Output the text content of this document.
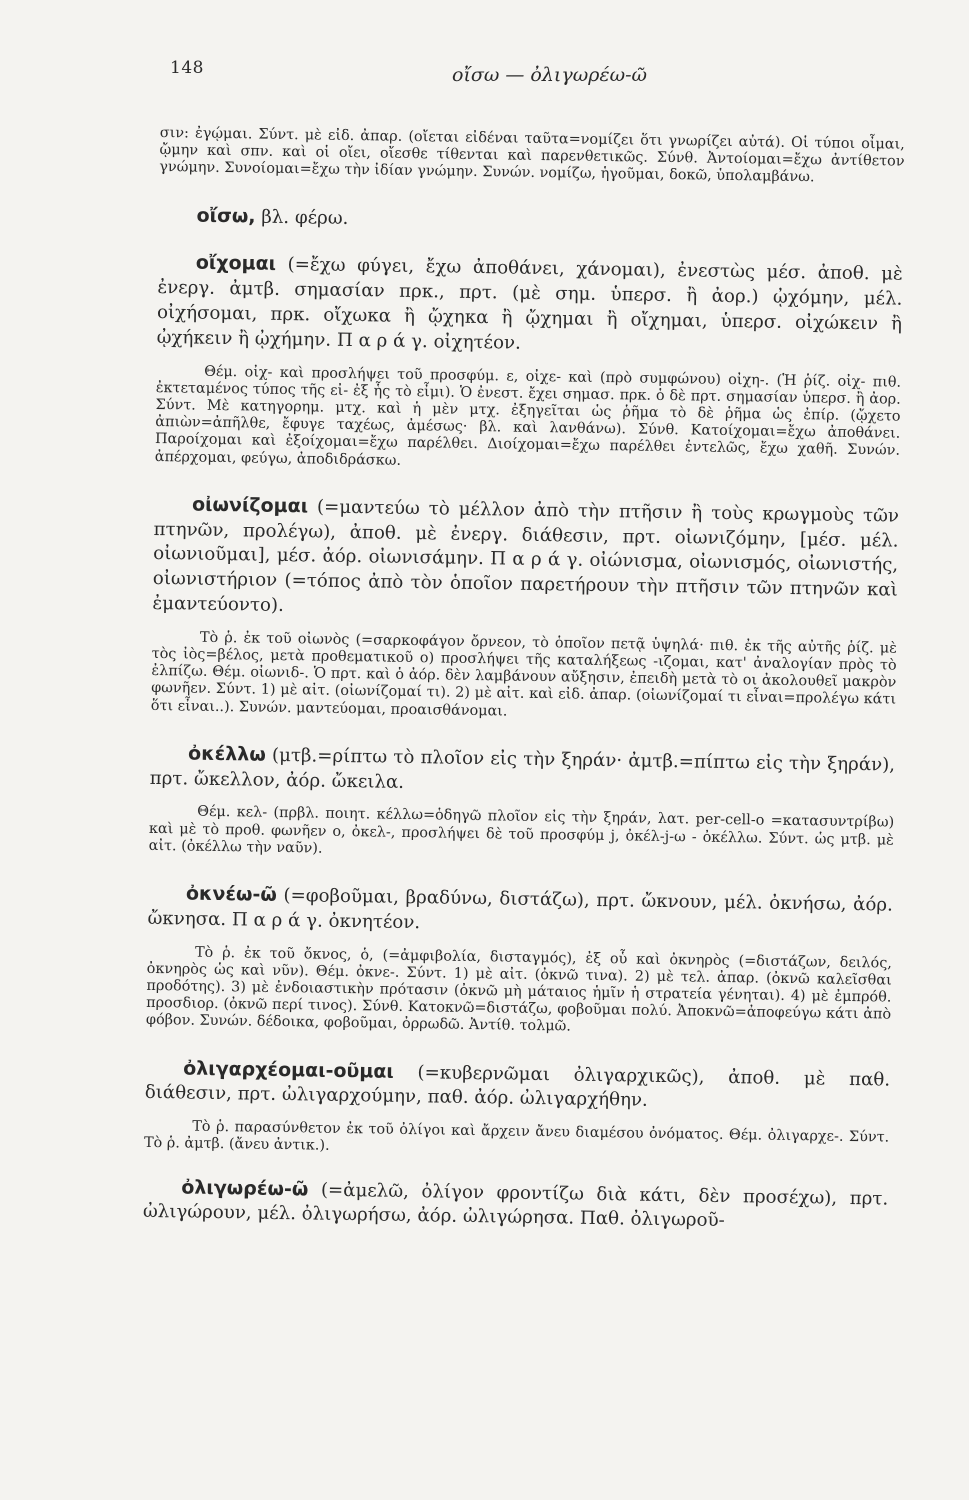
148	οἴσω — ὀλιγωρέω-ῶ

σιν: ἐγῴμαι. Σύντ. μὲ εἰδ. ἀπαρ. (οἴεται εἰδέναι ταῦτα=νομίζει ὅτι γνωρίζει αὐτά). Οἱ τύποι οἶμαι, ᾤμην καὶ σπν. καὶ οἱ οἴει, οἴεσθε τίθενται καὶ παρενθετικῶς. Σύνθ. Ἀντοίομαι=ἔχω ἀντίθετον γνώμην. Συνοίομαι=ἔχω τὴν ἰδίαν γνώμην. Συνών. νομίζω, ἡγοῦμαι, δοκῶ, ὑπολαμβάνω.

οἴσω, βλ. φέρω.

οἴχομαι (=ἔχω φύγει, ἔχω ἀποθάνει, χάνομαι), ἐνεστὼς μέσ. ἀποθ. μὲ ἐνεργ. ἀμτβ. σημασίαν πρκ., πρτ. (μὲ σημ. ὑπερσ. ἢ ἀορ.) ᾠχόμην, μέλ. οἰχήσομαι, πρκ. οἴχωκα ἢ ᾤχηκα ἢ ᾤχημαι ἢ οἴχημαι, ὑπερσ. οἰχώκειν ἢ ᾠχήκειν ἢ ᾠχήμην. Π α ρ ά γ. οἰχητέον.

Θέμ. οἰχ- καὶ προσλήψει τοῦ προσφύμ. ε, οἰχε- καὶ (πρὸ συμφώνου) οἰχη-. (Ἡ ῥίζ. οἰχ- πιθ. ἐκτεταμένος τύπος τῆς εἰ- ἐξ ἧς τὸ εἶμι). Ὁ ἐνεστ. ἔχει σημασ. πρκ. ὁ δὲ πρτ. σημασίαν ὑπερσ. ἢ ἀορ. Σύντ. Μὲ κατηγορημ. μτχ. καὶ ἡ μὲν μτχ. ἐξηγεῖται ὡς ῥῆμα τὸ δὲ ῥῆμα ὡς ἐπίρ. (ᾤχετο ἀπιὼν=ἀπῆλθε, ἔφυγε ταχέως, ἀμέσως· βλ. καὶ λανθάνω). Σύνθ. Κατοίχομαι=ἔχω ἀποθάνει. Παροίχομαι καὶ ἐξοίχομαι=ἔχω παρέλθει. Διοίχομαι=ἔχω παρέλθει ἐντελῶς, ἔχω χαθῆ. Συνών. ἀπέρχομαι, φεύγω, ἀποδιδράσκω.

οἰωνίζομαι (=μαντεύω τὸ μέλλον ἀπὸ τὴν πτῆσιν ἢ τοὺς κρωγμοὺς τῶν πτηνῶν, προλέγω), ἀποθ. μὲ ἐνεργ. διάθεσιν, πρτ. οἰωνιζόμην, [μέσ. μέλ. οἰωνιοῦμαι], μέσ. ἀόρ. οἰωνισάμην. Π α ρ ά γ. οἰώνισμα, οἰωνισμός, οἰωνιστής, οἰωνιστήριον (=τόπος ἀπὸ τὸν ὁποῖον παρετήρουν τὴν πτῆσιν τῶν πτηνῶν καὶ ἐμαντεύοντο).

Τὸ ῥ. ἐκ τοῦ οἰωνὸς (=σαρκοφάγον ὄρνεον, τὸ ὁποῖον πετᾷ ὑψηλά· πιθ. ἐκ τῆς αὐτῆς ῥίζ. μὲ τὸς ἰὸς=βέλος, μετὰ προθεματικοῦ ο) προσλήψει τῆς καταλήξεως -ιζομαι, κατ' ἀναλογίαν πρὸς τὸ ἐλπίζω. Θέμ. οἰωνιδ-. Ὁ πρτ. καὶ ὁ ἀόρ. δὲν λαμβάνουν αὔξησιν, ἐπειδὴ μετὰ τὸ οι ἀκολουθεῖ μακρὸν φωνῆεν. Σύντ. 1) μὲ αἰτ. (οἰωνίζομαί τι). 2) μὲ αἰτ. καὶ εἰδ. ἀπαρ. (οἰωνίζομαί τι εἶναι=προλέγω κάτι ὅτι εἶναι..). Συνών. μαντεύομαι, προαισθάνομαι.

ὀκέλλω (μτβ.=ρίπτω τὸ πλοῖον εἰς τὴν ξηράν· ἀμτβ.=πίπτω εἰς τὴν ξηράν), πρτ. ὤκελλον, ἀόρ. ὤκειλα.

Θέμ. κελ- (πρβλ. ποιητ. κέλλω=ὁδηγῶ πλοῖον εἰς τὴν ξηράν, λατ. per-cell-o =κατασυντρίβω) καὶ μὲ τὸ προθ. φωνῆεν ο, ὀκελ-, προσλήψει δὲ τοῦ προσφύμ j, ὀκέλ-j-ω - ὀκέλλω. Σύντ. ὡς μτβ. μὲ αἰτ. (ὀκέλλω τὴν ναῦν).

ὀκνέω-ῶ (=φοβοῦμαι, βραδύνω, διστάζω), πρτ. ὤκνουν, μέλ. ὀκνήσω, ἀόρ. ὤκνησα. Π α ρ ά γ. ὀκνητέον.

Τὸ ῥ. ἐκ τοῦ ὄκνος, ὁ, (=ἀμφιβολία, δισταγμός), ἐξ οὗ καὶ ὀκνηρὸς (=διστάζων, δειλός, ὀκνηρὸς ὡς καὶ νῦν). Θέμ. ὀκνε-. Σύντ. 1) μὲ αἰτ. (ὀκνῶ τινα). 2) μὲ τελ. ἀπαρ. (ὀκνῶ καλεῖσθαι προδότης). 3) μὲ ἐνδοιαστικὴν πρότασιν (ὀκνῶ μὴ μάταιος ἡμῖν ἡ στρατεία γένηται). 4) μὲ ἐμπρόθ. προσδιορ. (ὀκνῶ περί τινος). Σύνθ. Κατοκνῶ=διστάζω, φοβοῦμαι πολύ. Ἀποκνῶ=ἀποφεύγω κάτι ἀπὸ φόβον. Συνών. δέδοικα, φοβοῦμαι, ὀρρωδῶ. Ἀντίθ. τολμῶ.

ὀλιγαρχέομαι-οῦμαι (=κυβερνῶμαι ὀλιγαρχικῶς), ἀποθ. μὲ παθ. διάθεσιν, πρτ. ὠλιγαρχούμην, παθ. ἀόρ. ὠλιγαρχήθην.

Τὸ ῥ. παρασύνθετον ἐκ τοῦ ὀλίγοι καὶ ἄρχειν ἄνευ διαμέσου ὀνόματος. Θέμ. ὀλιγαρχε-. Σύντ. Τὸ ῥ. ἀμτβ. (ἄνευ ἀντικ.).

ὀλιγωρέω-ῶ (=ἀμελῶ, ὀλίγον φροντίζω διὰ κάτι, δὲν προσέχω), πρτ. ὠλιγώρουν, μέλ. ὀλιγωρήσω, ἀόρ. ὠλιγώρησα. Παθ. ὀλιγωροῦ-
